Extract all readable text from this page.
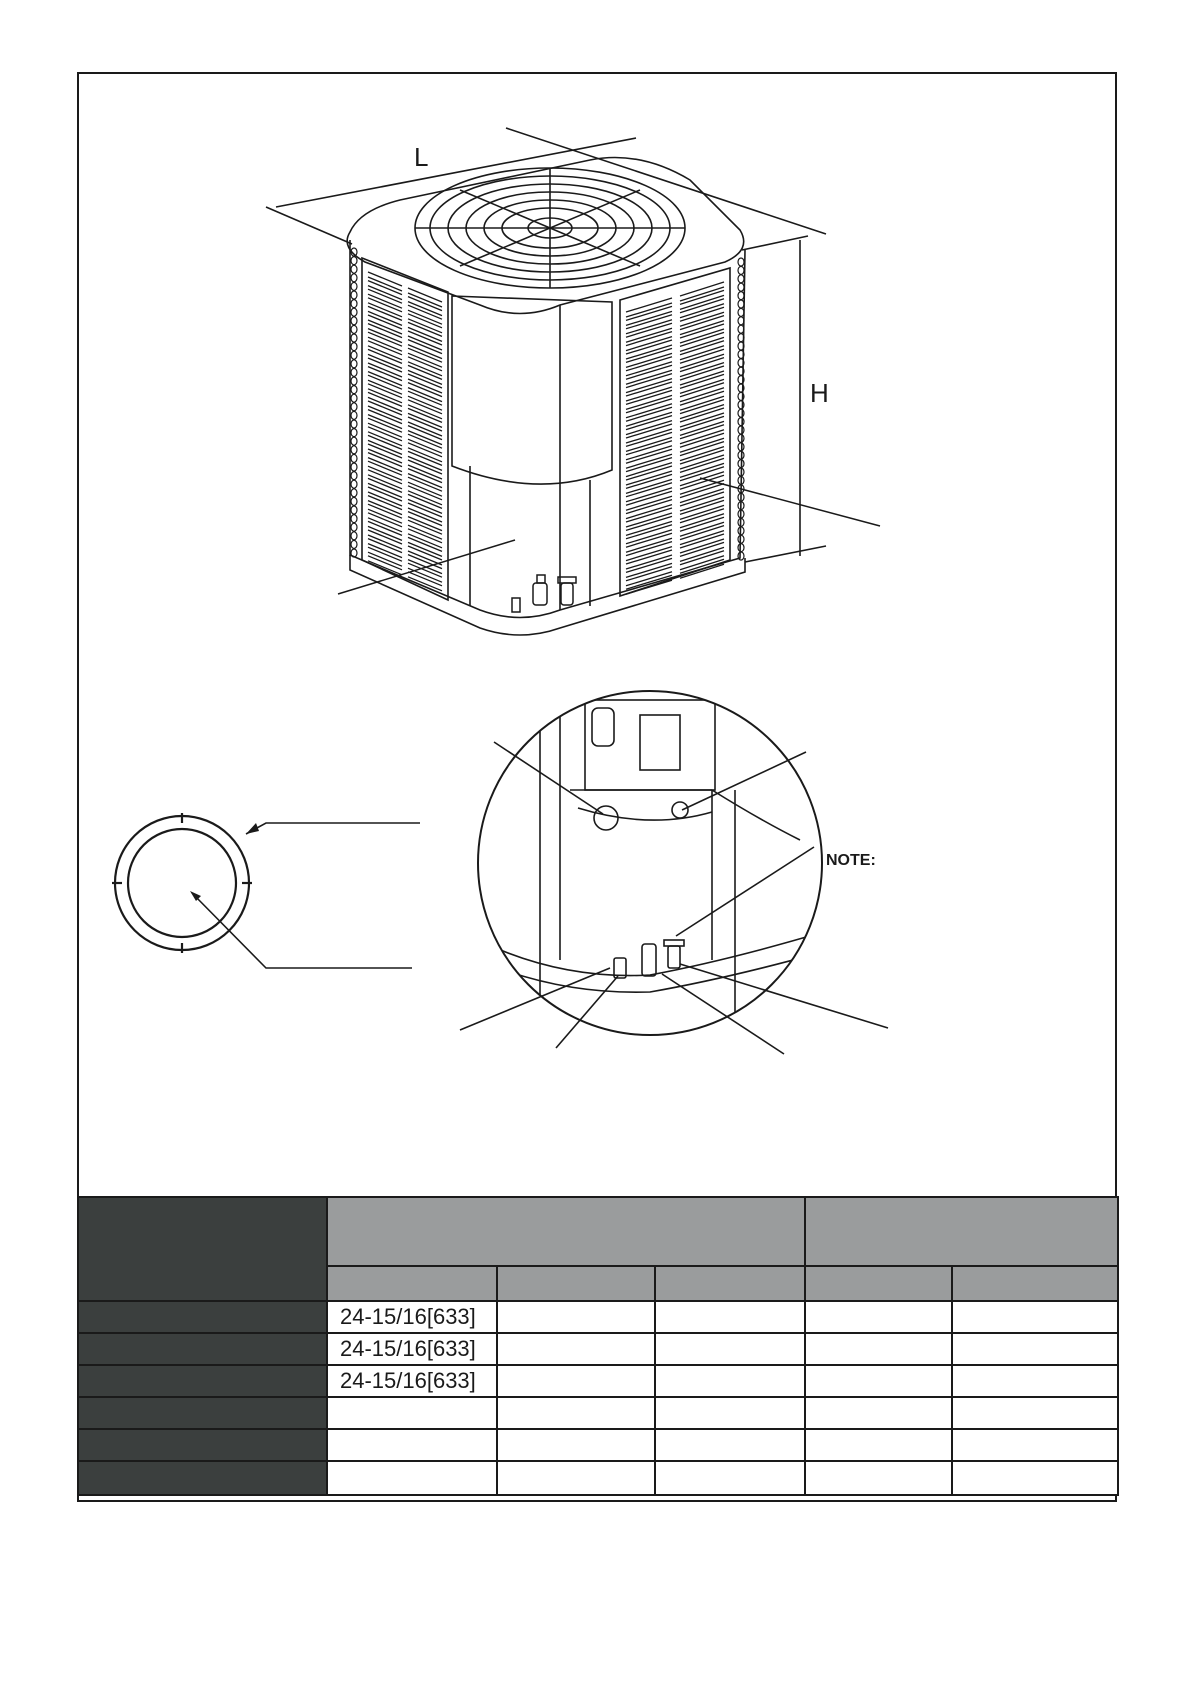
L
H
NOTE:

	24-15/16[633]				
	24-15/16[633]				
	24-15/16[633]				
